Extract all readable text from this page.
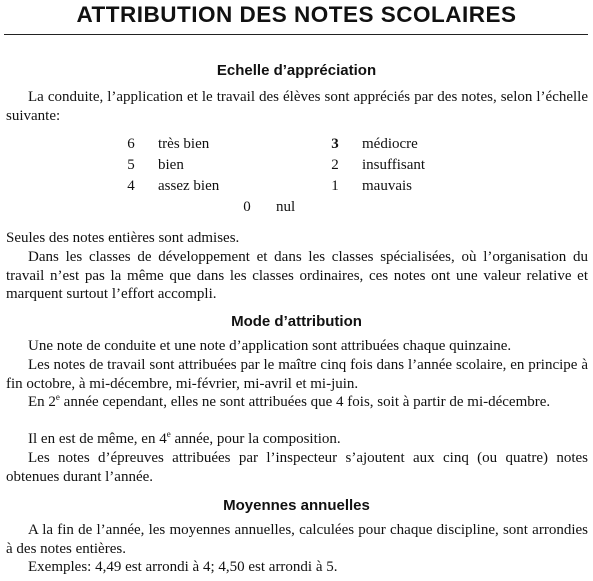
ATTRIBUTION DES NOTES SCOLAIRES
Echelle d’appréciation
La conduite, l’application et le travail des élèves sont appréciés par des notes, selon l’échelle suivante:
6 très bien
5 bien
4 assez bien
3 médiocre
2 insuffisant
1 mauvais
0 nul
Seules des notes entières sont admises.
Dans les classes de développement et dans les classes spécialisées, où l’organisation du travail n’est pas la même que dans les classes ordinaires, ces notes ont une valeur relative et marquent surtout l’effort accompli.
Mode d’attribution
Une note de conduite et une note d’application sont attribuées chaque quinzaine.
Les notes de travail sont attribuées par le maître cinq fois dans l’année scolaire, en principe à fin octobre, à mi-décembre, mi-février, mi-avril et mi-juin.
En 2e année cependant, elles ne sont attribuées que 4 fois, soit à partir de mi-décembre.
Il en est de même, en 4e année, pour la composition.
Les notes d’épreuves attribuées par l’inspecteur s’ajoutent aux cinq (ou quatre) notes obtenues durant l’année.
Moyennes annuelles
A la fin de l’année, les moyennes annuelles, calculées pour chaque discipline, sont arrondies à des notes entières.
Exemples: 4,49 est arrondi à 4; 4,50 est arrondi à 5.
